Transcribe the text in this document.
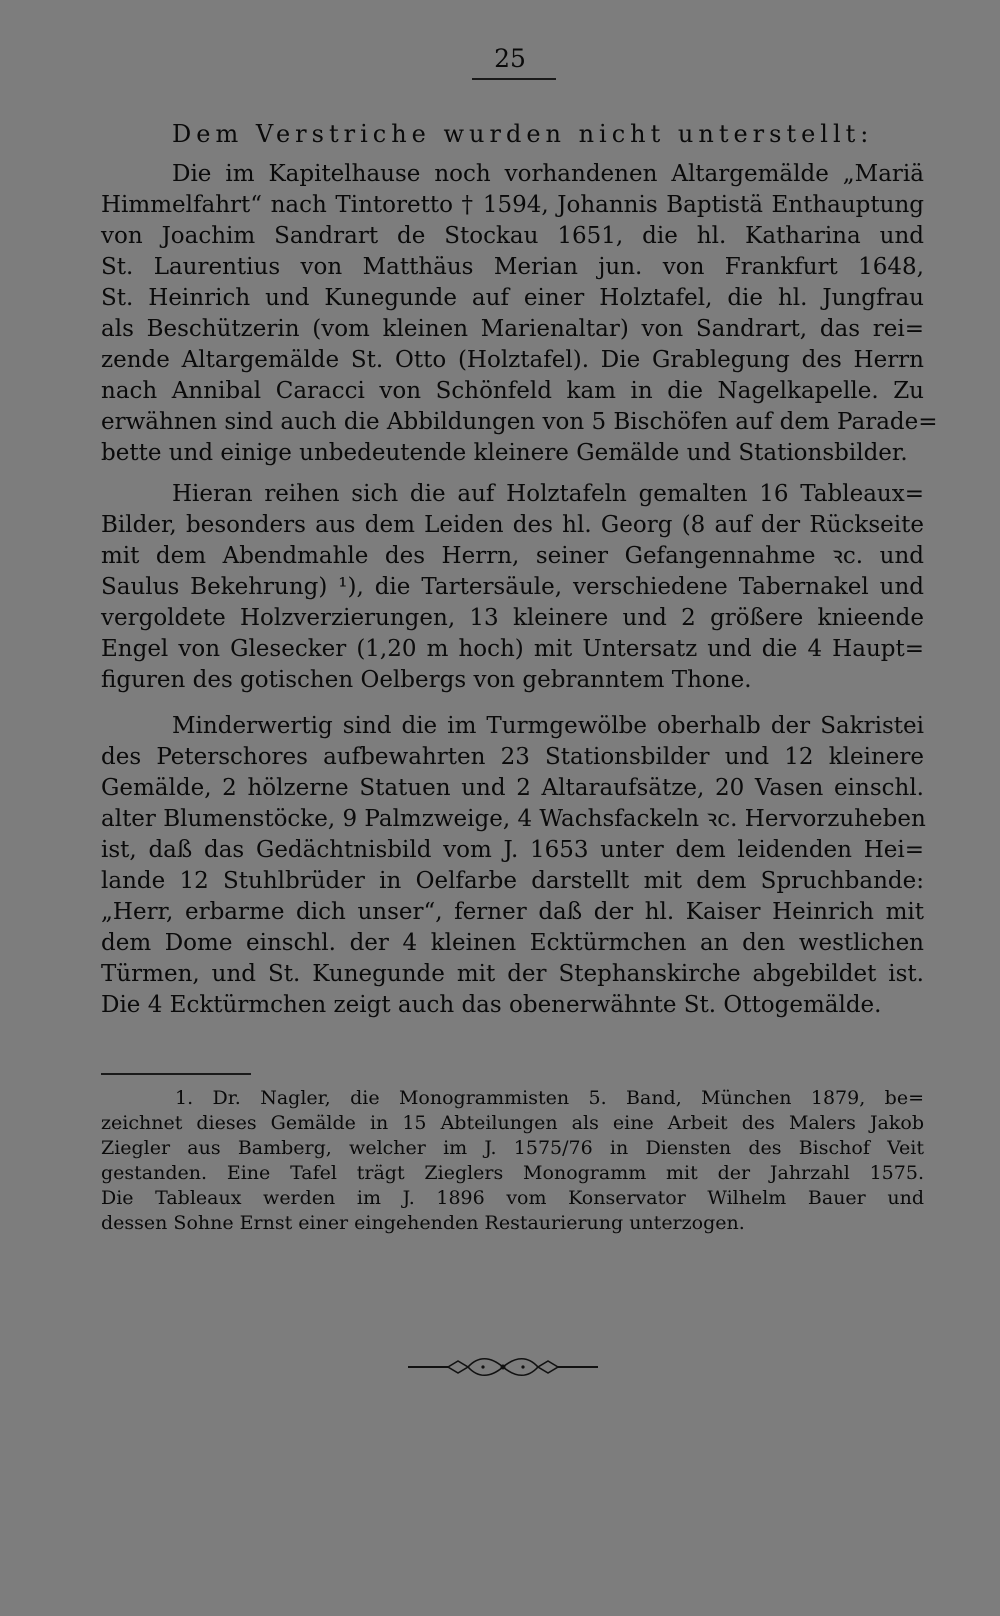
25
Dem Verstriche wurden nicht unterstellt:
Die im Kapitelhause noch vorhandenen Altargemälde „Mariä
Himmelfahrt“ nach Tintoretto † 1594, Johannis Baptistä Enthauptung
von Joachim Sandrart de Stockau 1651, die hl. Katharina und
St. Laurentius von Matthäus Merian jun. von Frankfurt 1648,
St. Heinrich und Kunegunde auf einer Holztafel, die hl. Jungfrau
als Beschützerin (vom kleinen Marienaltar) von Sandrart, das rei=
zende Altargemälde St. Otto (Holztafel). Die Grablegung des Herrn
nach Annibal Caracci von Schönfeld kam in die Nagelkapelle. Zu
erwähnen sind auch die Abbildungen von 5 Bischöfen auf dem Parade=
bette und einige unbedeutende kleinere Gemälde und Stationsbilder.
Hieran reihen sich die auf Holztafeln gemalten 16 Tableaux=
Bilder, besonders aus dem Leiden des hl. Georg (8 auf der Rückseite
mit dem Abendmahle des Herrn, seiner Gefangennahme ꝛc. und
Saulus Bekehrung) ¹), die Tartersäule, verschiedene Tabernakel und
vergoldete Holzverzierungen, 13 kleinere und 2 größere knieende
Engel von Glesecker (1,20 m hoch) mit Untersatz und die 4 Haupt=
figuren des gotischen Oelbergs von gebranntem Thone.
Minderwertig sind die im Turmgewölbe oberhalb der Sakristei
des Peterschores aufbewahrten 23 Stationsbilder und 12 kleinere
Gemälde, 2 hölzerne Statuen und 2 Altaraufsätze, 20 Vasen einschl.
alter Blumenstöcke, 9 Palmzweige, 4 Wachsfackeln ꝛc. Hervorzuheben
ist, daß das Gedächtnisbild vom J. 1653 unter dem leidenden Hei=
lande 12 Stuhlbrüder in Oelfarbe darstellt mit dem Spruchbande:
„Herr, erbarme dich unser“, ferner daß der hl. Kaiser Heinrich mit
dem Dome einschl. der 4 kleinen Ecktürmchen an den westlichen
Türmen, und St. Kunegunde mit der Stephanskirche abgebildet ist.
Die 4 Ecktürmchen zeigt auch das obenerwähnte St. Ottogemälde.
1. Dr. Nagler, die Monogrammisten 5. Band, München 1879, be=
zeichnet dieses Gemälde in 15 Abteilungen als eine Arbeit des Malers Jakob
Ziegler aus Bamberg, welcher im J. 1575/76 in Diensten des Bischof Veit
gestanden. Eine Tafel trägt Zieglers Monogramm mit der Jahrzahl 1575.
Die Tableaux werden im J. 1896 vom Konservator Wilhelm Bauer und
dessen Sohne Ernst einer eingehenden Restaurierung unterzogen.
